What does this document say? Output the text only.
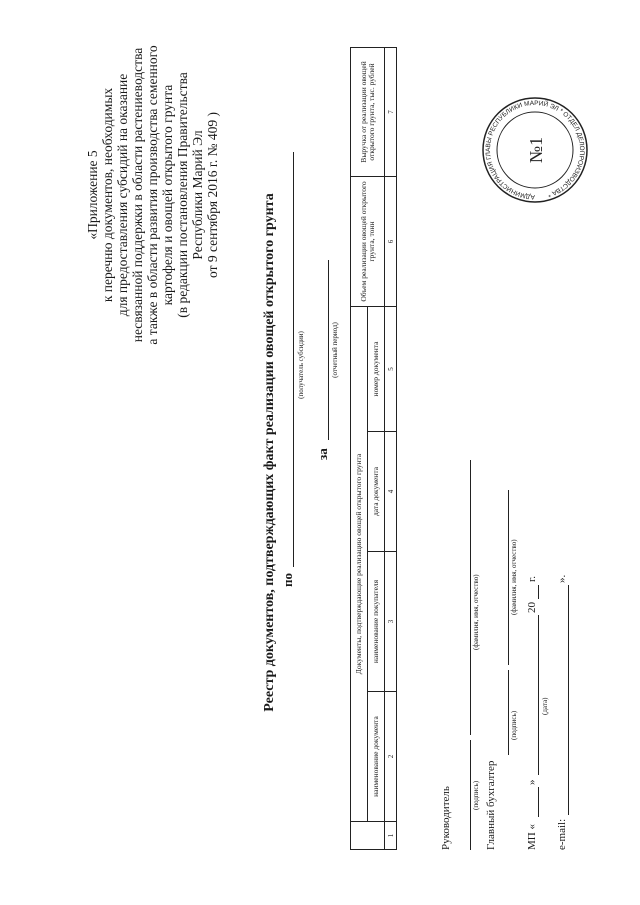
«Приложение 5 к перечню документов, необходимых для предоставления субсидий на оказание несвязанной поддержки в области растениеводства а также в области развития производства семенного картофеля и овощей открытого грунта (в редакции постановления Правительства Республики Марий Эл от 9 сентября 2016 г. № 409 )	Реестр документов, подтверждающих факт реализации овощей открытого грунта по
(получатель субсидии)
за
(отчетный период)
	Документы, подтверждающие реализацию овощей открытого грунта				Объем реализации овощей открытого грунта, тонн	Выручка от реализации овощей открытого грунта, тыс. рублей
	наименование документа	наименование покупателя	дата документа	номер документа		
1	2	3	4	5	6	7
Руководитель	(подпись)
(фамилия, имя, отчество)
Главный бухгалтер
(подпись)
(фамилия, имя, отчество)
МП «
»
20
г.
(дата)
e-mail:
».
АДМИНИСТРАЦИЯ ГЛАВЫ РЕСПУБЛИКИ МАРИЙ ЭЛ * ОТДЕЛ ДЕЛОПРОИЗВОДСТВА *
№1
